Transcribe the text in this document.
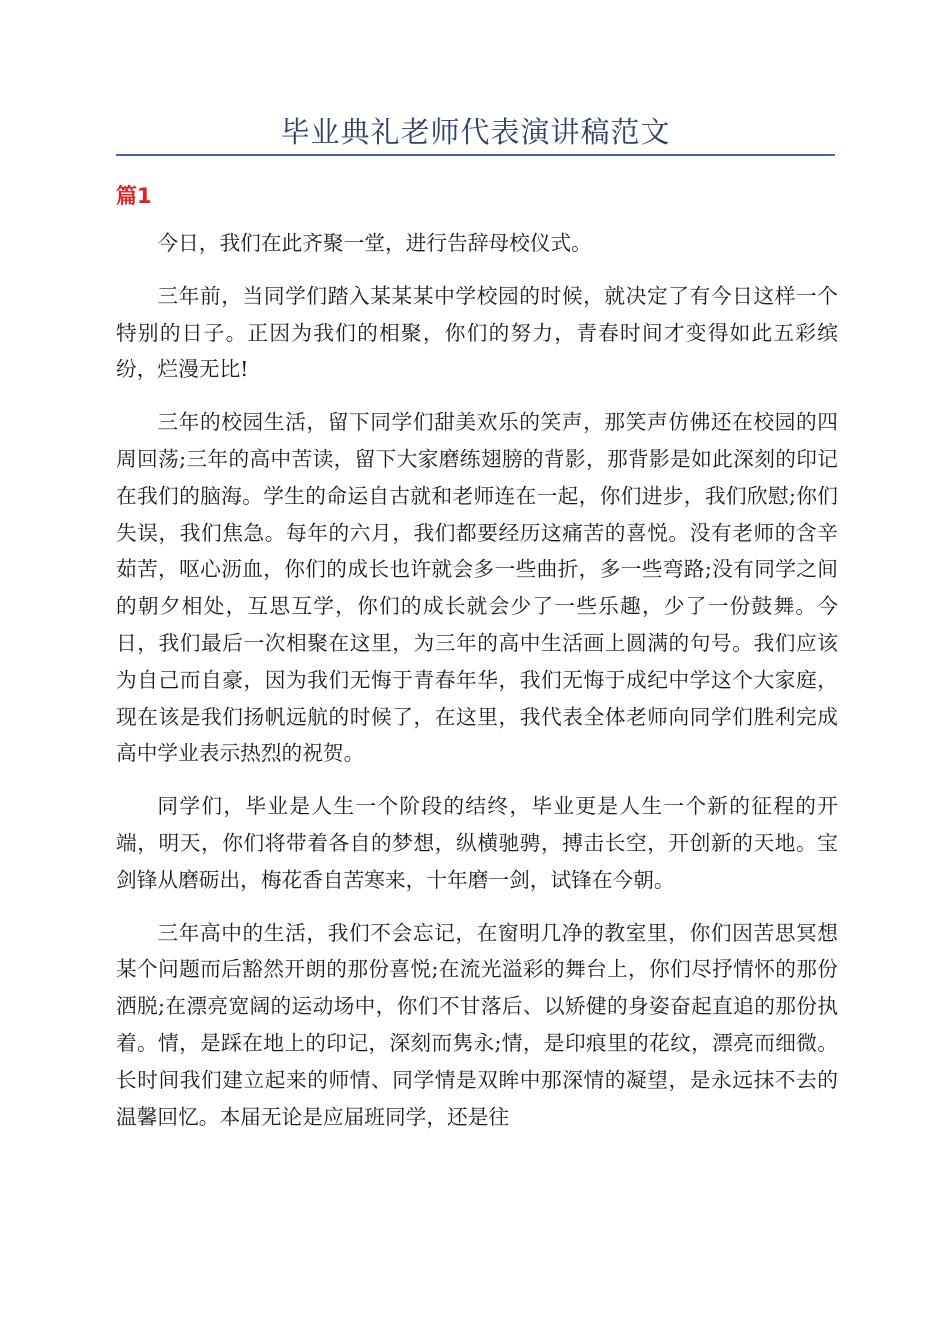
毕业典礼老师代表演讲稿范文
篇1

今日，我们在此齐聚一堂，进行告辞母校仪式。

三年前，当同学们踏入某某某中学校园的时候，就决定了有今日这样一个特别的日子。正因为我们的相聚，你们的努力，青春时间才变得如此五彩缤纷，烂漫无比!

三年的校园生活，留下同学们甜美欢乐的笑声，那笑声仿佛还在校园的四周回荡;三年的高中苦读，留下大家磨练翅膀的背影，那背影是如此深刻的印记在我们的脑海。学生的命运自古就和老师连在一起，你们进步，我们欣慰;你们失误，我们焦急。每年的六月，我们都要经历这痛苦的喜悦。没有老师的含辛茹苦，呕心沥血，你们的成长也许就会多一些曲折，多一些弯路;没有同学之间的朝夕相处，互思互学，你们的成长就会少了一些乐趣，少了一份鼓舞。今日，我们最后一次相聚在这里，为三年的高中生活画上圆满的句号。我们应该为自己而自豪，因为我们无悔于青春年华，我们无悔于成纪中学这个大家庭，现在该是我们扬帆远航的时候了，在这里，我代表全体老师向同学们胜利完成高中学业表示热烈的祝贺。

同学们，毕业是人生一个阶段的结终，毕业更是人生一个新的征程的开端，明天，你们将带着各自的梦想，纵横驰骋，搏击长空，开创新的天地。宝剑锋从磨砺出，梅花香自苦寒来，十年磨一剑，试锋在今朝。

三年高中的生活，我们不会忘记，在窗明几净的教室里，你们因苦思冥想某个问题而后豁然开朗的那份喜悦;在流光溢彩的舞台上，你们尽抒情怀的那份洒脱;在漂亮宽阔的运动场中，你们不甘落后、以矫健的身姿奋起直追的那份执着。情，是踩在地上的印记，深刻而隽永;情，是印痕里的花纹，漂亮而细微。长时间我们建立起来的师情、同学情是双眸中那深情的凝望，是永远抹不去的温馨回忆。本届无论是应届班同学，还是往
